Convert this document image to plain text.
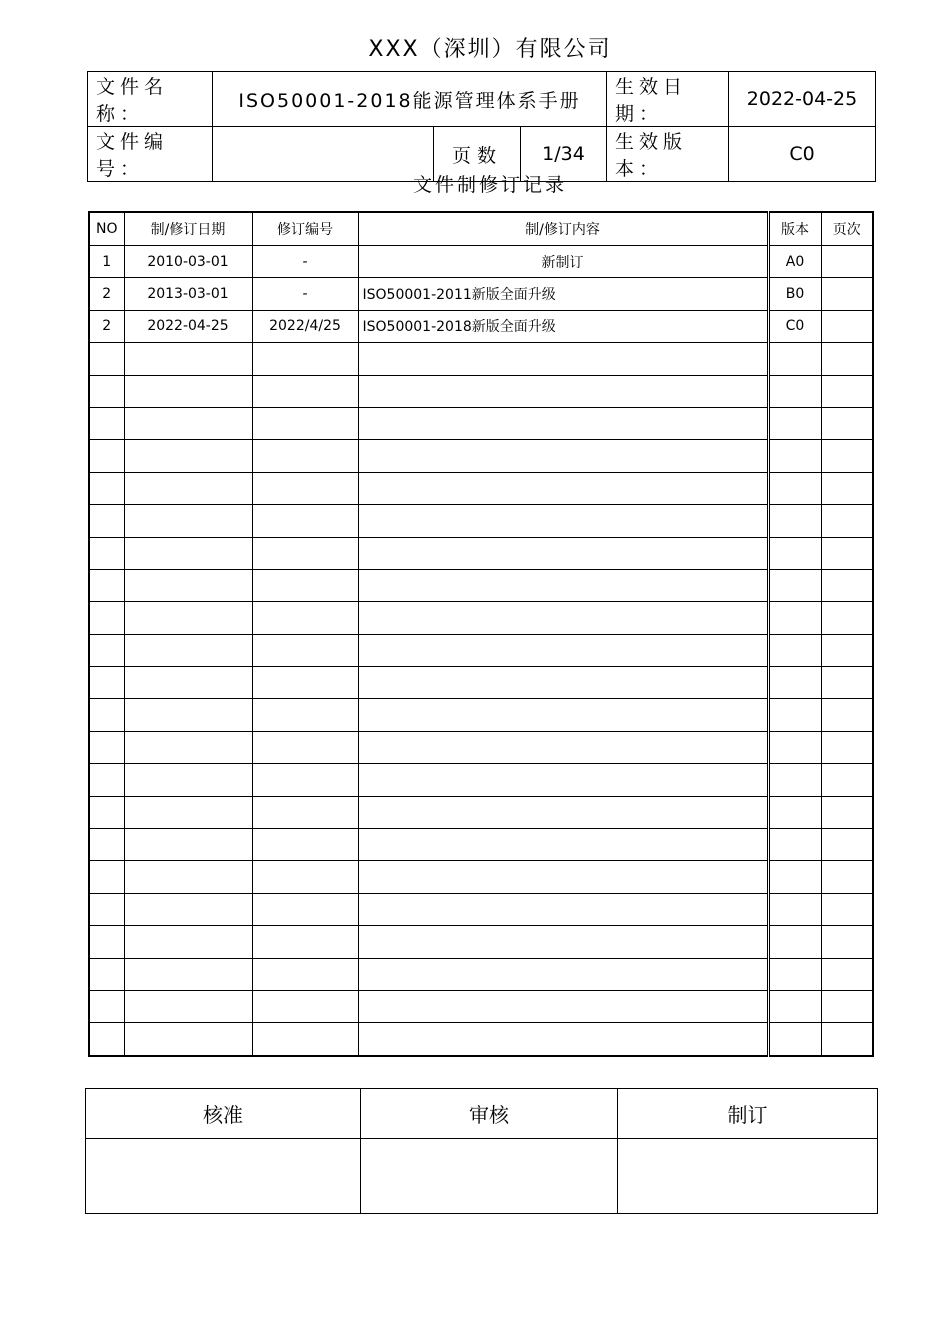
XXX（深圳）有限公司
文件名称：	ISO50001-2018能源管理体系手册			生效日期：	2022-04-25
文件编号：		页数	1/34	生效版本：	C0
文件制修订记录
NO	制/修订日期	修订编号	制/修订内容	版本	页次
1	2010-03-01	-	新制订	A0	
2	2013-03-01	-	ISO50001-2011新版全面升级	B0	
2	2022-04-25	2022/4/25	ISO50001-2018新版全面升级	C0	

核准	审核	制订
